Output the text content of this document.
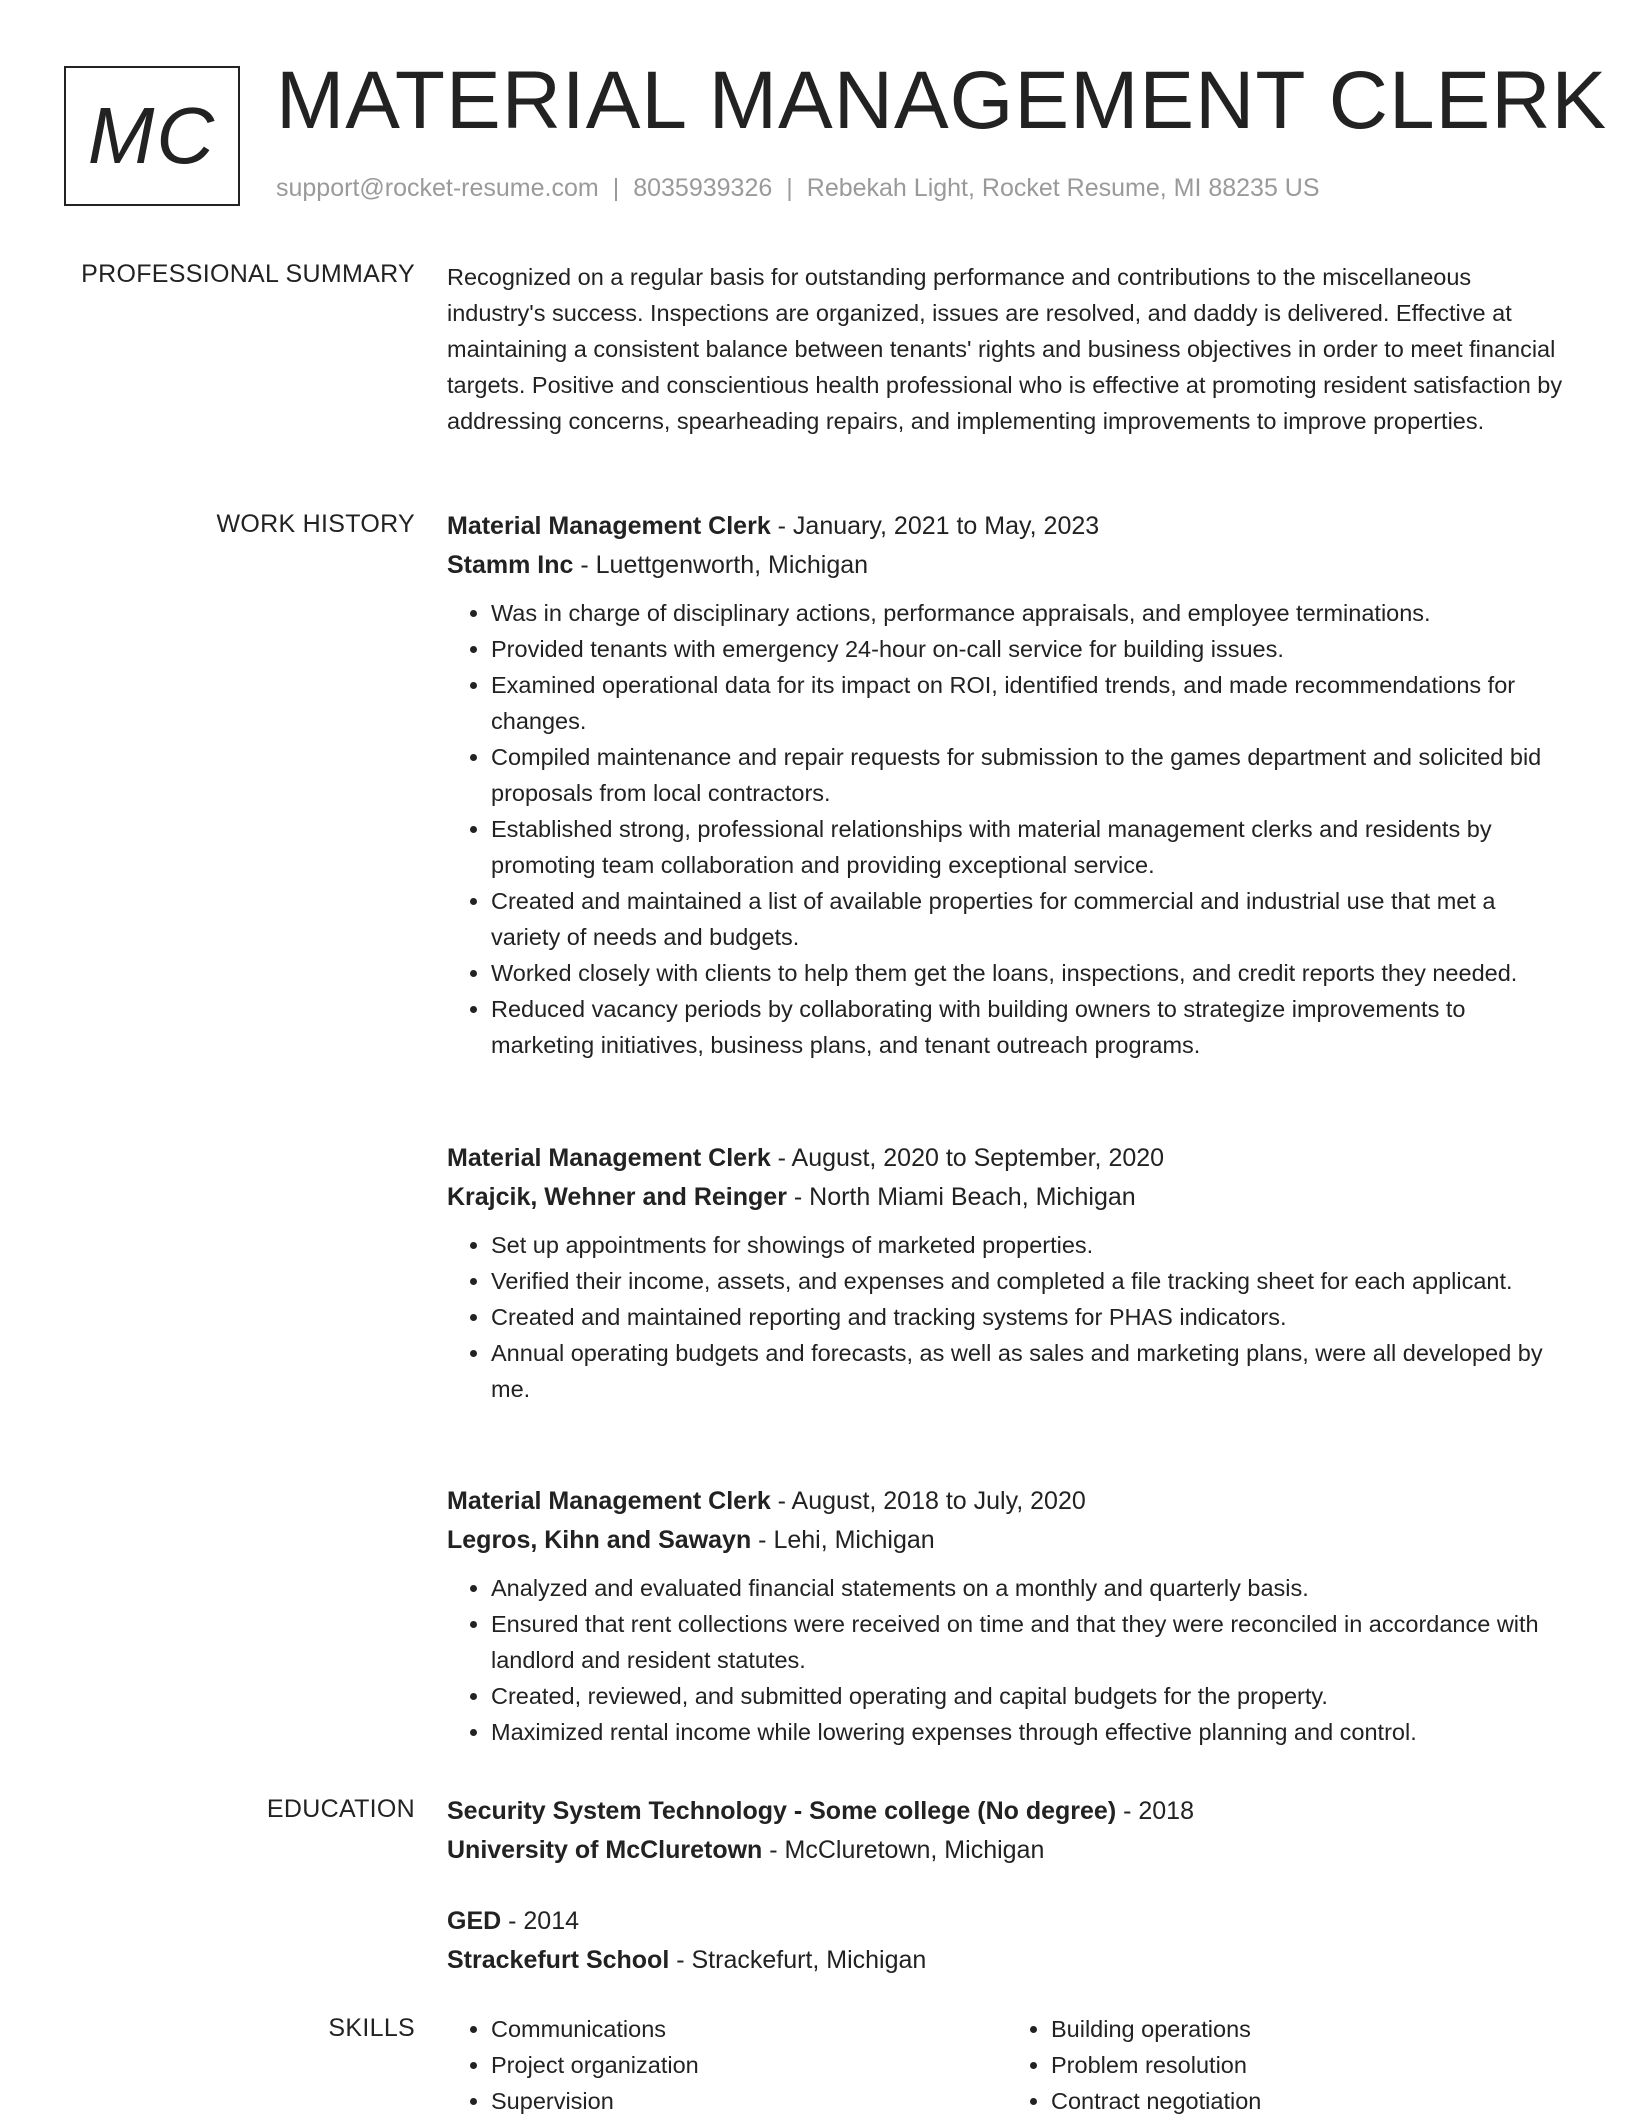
MC MATERIAL MANAGEMENT CLERK
support@rocket-resume.com | 8035939326 | Rebekah Light, Rocket Resume, MI 88235 US
PROFESSIONAL SUMMARY Recognized on a regular basis for outstanding performance and contributions to the miscellaneous industry's success. Inspections are organized, issues are resolved, and daddy is delivered. Effective at maintaining a consistent balance between tenants' rights and business objectives in order to meet financial targets. Positive and conscientious health professional who is effective at promoting resident satisfaction by addressing concerns, spearheading repairs, and implementing improvements to improve properties.

WORK HISTORY Material Management Clerk - January, 2021 to May, 2023
Stamm Inc - Luettgenworth, Michigan
• Was in charge of disciplinary actions, performance appraisals, and employee terminations.
• Provided tenants with emergency 24-hour on-call service for building issues.
• Examined operational data for its impact on ROI, identified trends, and made recommendations for changes.
• Compiled maintenance and repair requests for submission to the games department and solicited bid proposals from local contractors.
• Established strong, professional relationships with material management clerks and residents by promoting team collaboration and providing exceptional service.
• Created and maintained a list of available properties for commercial and industrial use that met a variety of needs and budgets.
• Worked closely with clients to help them get the loans, inspections, and credit reports they needed.
• Reduced vacancy periods by collaborating with building owners to strategize improvements to marketing initiatives, business plans, and tenant outreach programs.
Material Management Clerk - August, 2020 to September, 2020
Krajcik, Wehner and Reinger - North Miami Beach, Michigan
• Set up appointments for showings of marketed properties.
• Verified their income, assets, and expenses and completed a file tracking sheet for each applicant.
• Created and maintained reporting and tracking systems for PHAS indicators.
• Annual operating budgets and forecasts, as well as sales and marketing plans, were all developed by me.
Material Management Clerk - August, 2018 to July, 2020
Legros, Kihn and Sawayn - Lehi, Michigan
• Analyzed and evaluated financial statements on a monthly and quarterly basis.
• Ensured that rent collections were received on time and that they were reconciled in accordance with landlord and resident statutes.
• Created, reviewed, and submitted operating and capital budgets for the property.
• Maximized rental income while lowering expenses through effective planning and control.
EDUCATION Security System Technology - Some college (No degree) - 2018
University of McCluretown - McCluretown, Michigan
GED - 2014
Strackefurt School - Strackefurt, Michigan
SKILLS
•	Communications
• Project organization
• Supervision
• Building operations
• Problem resolution
• Contract negotiation
